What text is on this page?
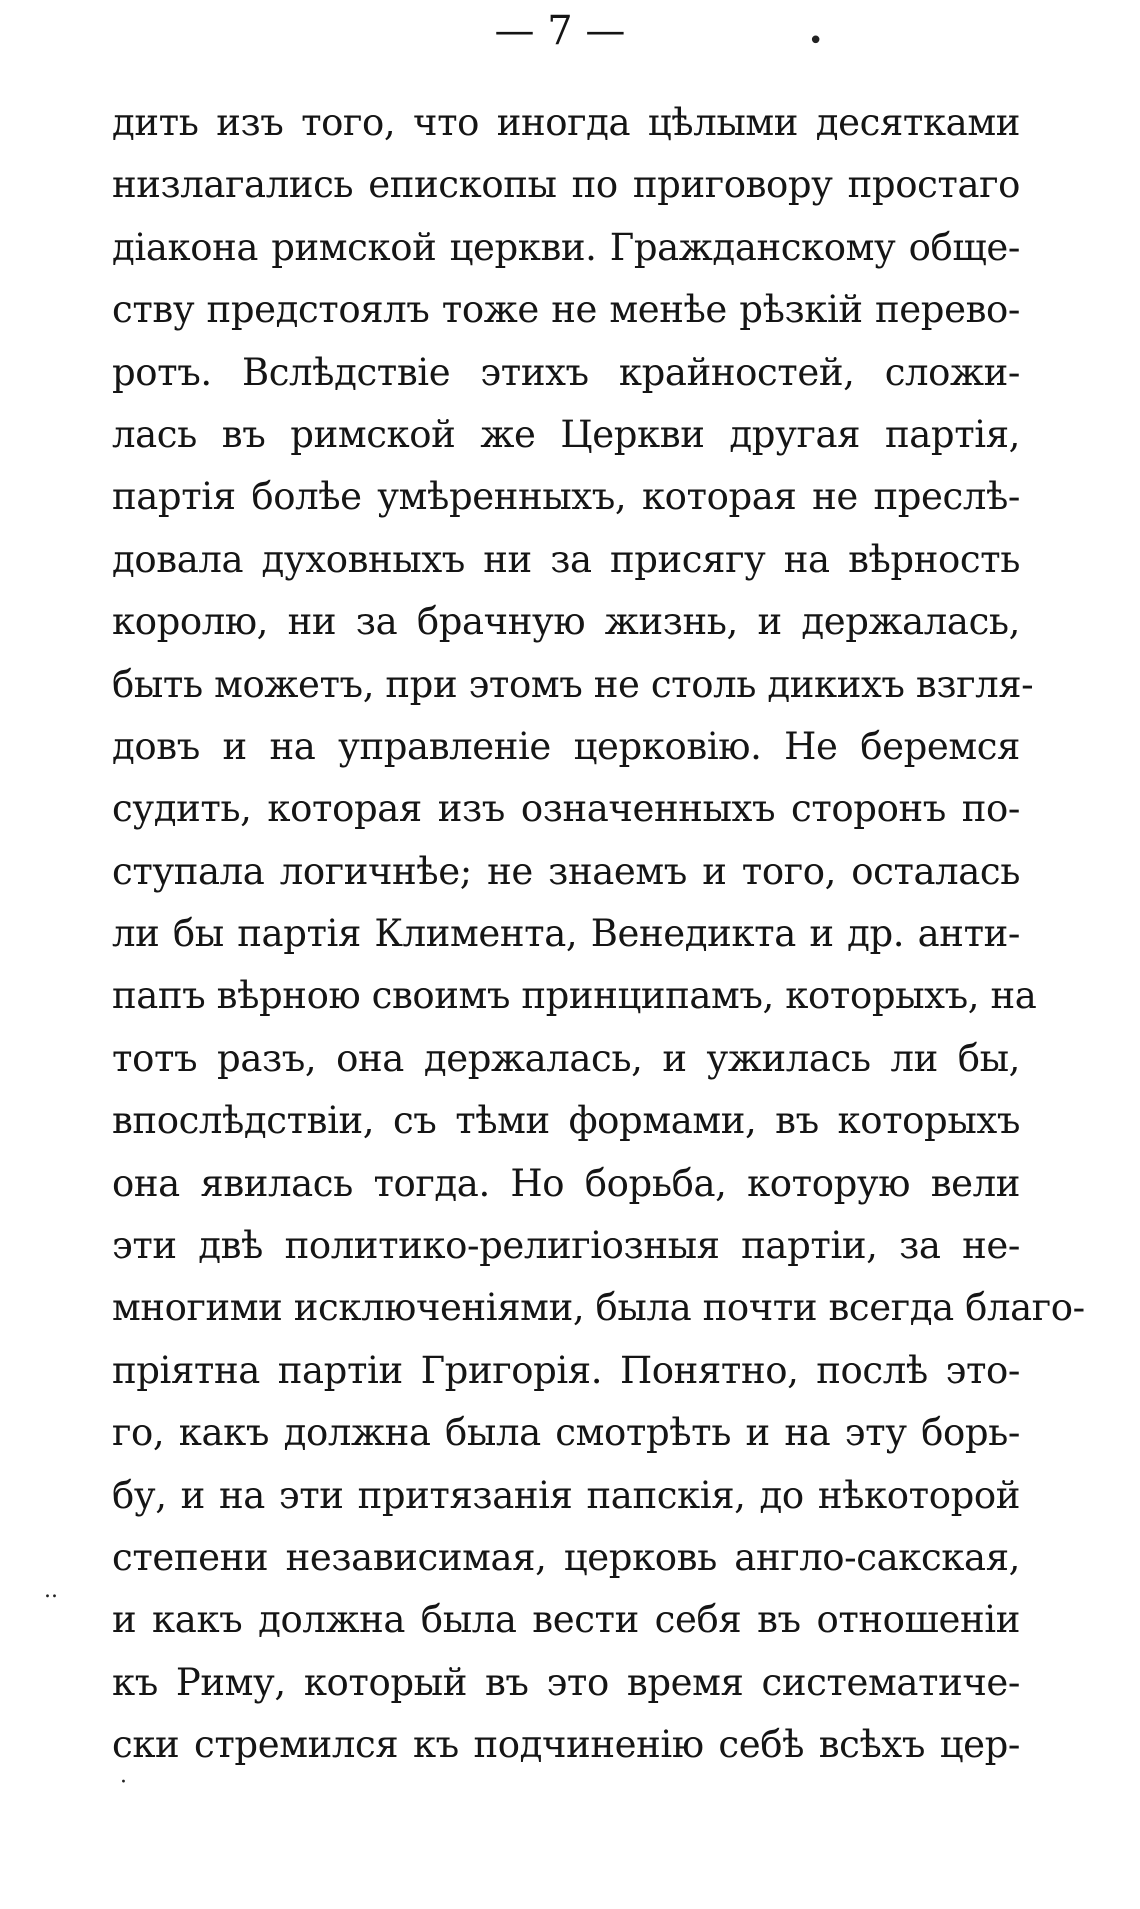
— 7 —	•
дить изъ того, что иногда цѣлыми десятками
низлагались епископы по приговору простаго
діакона римской церкви. Гражданскому обще-
ству предстоялъ тоже не менѣе рѣзкій перево-
ротъ. Вслѣдствіе этихъ крайностей, сложи-
лась въ римской же Церкви другая партія,
партія болѣе умѣренныхъ, которая не преслѣ-
довала духовныхъ ни за присягу на вѣрность
королю, ни за брачную жизнь, и держалась,
быть можетъ, при этомъ не столь дикихъ взгля-
довъ и на управленіе церковію. Не беремся
судить, которая изъ означенныхъ сторонъ по-
ступала логичнѣе; не знаемъ и того, осталась
ли бы партія Климента, Венедикта и др. анти-
папъ вѣрною своимъ принципамъ, которыхъ, на
тотъ разъ, она держалась, и ужилась ли бы,
впослѣдствіи, съ тѣми формами, въ которыхъ
она явилась тогда. Но борьба, которую вели
эти двѣ политико-религіозныя партіи, за не-
многими исключеніями, была почти всегда благо-
пріятна партіи Григорія. Понятно, послѣ это-
го, какъ должна была смотрѣть и на эту борь-
бу, и на эти притязанія папскія, до нѣкоторой
степени независимая, церковь англо-сакская,
и какъ должна была вести себя въ отношеніи
къ Риму, который въ это время систематиче-
ски стремился къ подчиненію себѣ всѣхъ цер-
..
·
